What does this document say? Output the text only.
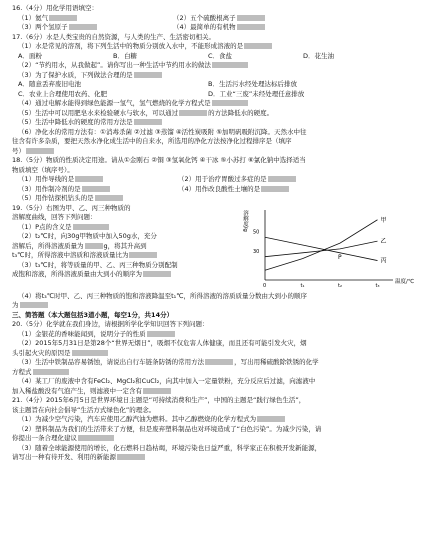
16.（4分）用化学用语填空：
（1）氦气	（2）五个硫酸根离子
（3）两个氢原子	（4）最简单的有机物
17.（6分）水是人类宝贵的自然资源，与人类的生产、生活密切相关。
（1）水是常见的溶剂，将下列生活中的物质分别放入水中，不能形成溶液的是
A．面粉	B．白糖	C．食盐	D．花生油
（2）“节约用水，从我做起”。请你写出一种生活中节约用水的做法
（3）为了保护水质，下列做法合理的是
A．随意丢弃废旧电池	B．生活污水经处理达标后排放
C．农业上合理使用农药、化肥	D．工业“三废”未经处理任意排放
（4）通过电解水能得到绿色能源一氢气，氢气燃烧的化学方程式是
（5）生活中可以用肥皂水来检验硬水与软水，可以通过	的方法降低水的硬度。
（5）生活中降低水的硬度的常用方法是
（6）净化水的常用方法有：①消毒杀菌 ②过滤 ③蒸馏 ④活性炭吸附 ⑤加明矾吸附沉降。天然水中往
往含有许多杂质，要把天然水净化成生活中的自来水，所选用的净化方法按净化过程排序是（填序
号）
18.（5分）物质的性质决定用途。请从①金刚石 ②铜 ③氢氧化钙 ④干冰 ⑤小苏打 ⑥氯化钠中选择适当
物质填空（填序号）。
（1）用作导线的是	（2）用于治疗胃酸过多症的是
（3）用作制冷剂的是	（4）用作改良酸性土壤的是
（5）用作钻探机钻头的是
19.（5分）右图为甲、乙、丙三种物质的
溶解度曲线，回答下列问题：
（1）P点的含义是
（2）t₂℃时，向30g甲物质中加入50g水，充分
溶解后，所得溶液质量为	g，将其升高到
t₃℃时，所得溶液中溶质和溶液质量比为
（3）t₃℃时，将等质量的甲、乙、丙三种物质分别配制
成饱和溶液，所得溶液质量由大到小的顺序为
溶解度/g
温度/℃
50
30
0	t₁	t₂	t₃
甲
乙
丙
P
（4）将t₃℃时甲、乙、丙三种物质的饱和溶液降温至t₁℃，所得溶液的溶质质量分数由大到小的顺序
为
三、简答题（本大题包括3道小题，每空1分，共14分）
20.（5分）化学就在我们身边，请根据所学化学知识回答下列问题：
（1）金银花的香味能闻到，说明分子的性质
（2）2015年5月31日是第28个“世界无烟日”，吸烟不仅危害人体健康，而且还有可能引发火灾，烟
头引起火灾的原因是
（3）生活中铁制品容易锈蚀，请说出自行车链条防锈的常用方法	，写出用稀硫酸除铁锈的化学
方程式
（4）某工厂的废液中含有FeCl₂、MgCl₂和CuCl₂，向其中加入一定量铁粉，充分反应后过滤，向滤液中
加入稀盐酸没有气泡产生，则滤液中一定含有
21.（4分）2015年6月5日是世界环境日主题是“可持续消费和生产”，中国的主题是“践行绿色生活”，
该主题旨在向社会倡导“生活方式绿色化”的理念。
（1）为减少空气污染，汽车应使用乙醇汽油为燃料。其中乙醇燃烧的化学方程式为
（2）塑料制品为我们的生活带来了方便，但是废弃塑料制品也对环境造成了“白色污染”。为减少污染，请
你提出一条合理化建议
（3）随着全球能源使用的增长，化石燃料日趋枯竭，环境污染也日益严重，科学家正在积极开发新能源，
请写出一种有待开发、利用的新能源
